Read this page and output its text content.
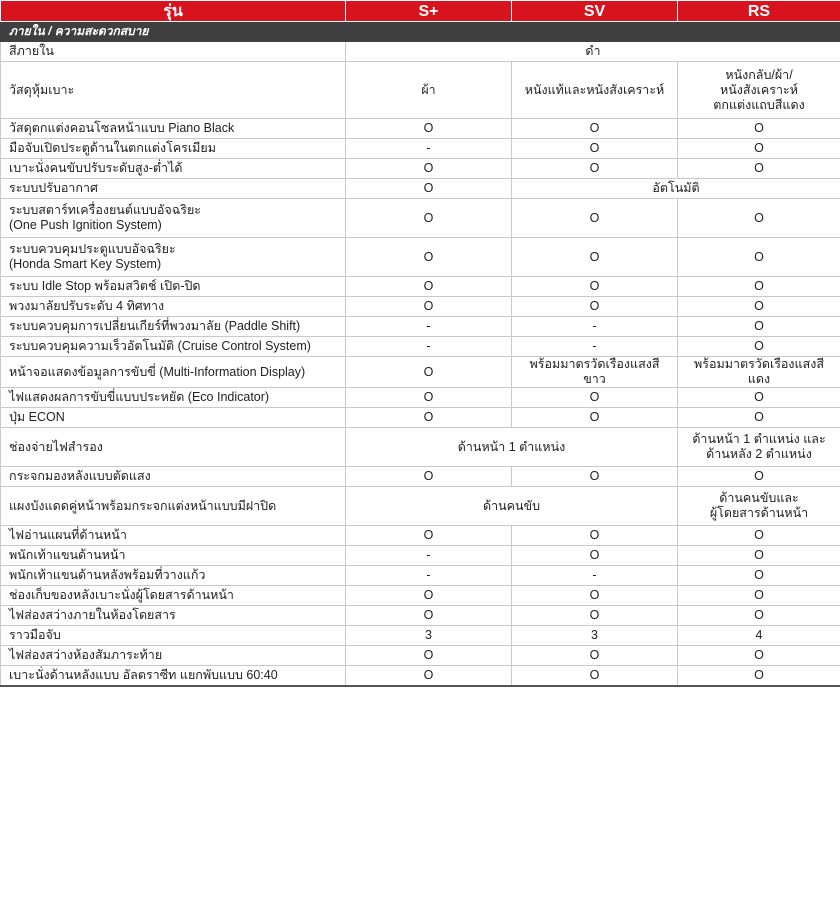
รุ่น	S+	SV	RS
ภายใน / ความสะดวกสบาย			
สีภายใน	ดำ		
วัสดุหุ้มเบาะ	ผ้า	หนังแท้และหนังสังเคราะห์	หนังกลับ/ผ้า/
หนังสังเคราะห์
ตกแต่งแถบสีแดง
วัสดุตกแต่งคอนโซลหน้าแบบ Piano Black	O	O	O
มือจับเปิดประตูด้านในตกแต่งโครเมียม	-	O	O
เบาะนั่งคนขับปรับระดับสูง-ต่ำได้	O	O	O
ระบบปรับอากาศ	O	อัตโนมัติ	
ระบบสตาร์ทเครื่องยนต์แบบอัจฉริยะ
(One Push Ignition System)	O	O	O
ระบบควบคุมประตูแบบอัจฉริยะ
(Honda Smart Key System)	O	O	O
ระบบ Idle Stop พร้อมสวิตช์ เปิด-ปิด	O	O	O
พวงมาลัยปรับระดับ 4 ทิศทาง	O	O	O
ระบบควบคุมการเปลี่ยนเกียร์ที่พวงมาลัย (Paddle Shift)	-	-	O
ระบบควบคุมความเร็วอัตโนมัติ (Cruise Control System)	-	-	O
หน้าจอแสดงข้อมูลการขับขี่ (Multi-Information Display)	O	พร้อมมาตรวัดเรืองแสงสีขาว	พร้อมมาตรวัดเรืองแสงสีแดง
ไฟแสดงผลการขับขี่แบบประหยัด (Eco Indicator)	O	O	O
ปุ่ม ECON	O	O	O
ช่องจ่ายไฟสำรอง	ด้านหน้า 1 ตำแหน่ง		ด้านหน้า 1 ตำแหน่ง และ
ด้านหลัง 2 ตำแหน่ง
กระจกมองหลังแบบตัดแสง	O	O	O
แผงบังแดดคู่หน้าพร้อมกระจกแต่งหน้าแบบมีฝาปิด	ด้านคนขับ		ด้านคนขับและ
ผู้โดยสารด้านหน้า
ไฟอ่านแผนที่ด้านหน้า	O	O	O
พนักเท้าแขนด้านหน้า	-	O	O
พนักเท้าแขนด้านหลังพร้อมที่วางแก้ว	-	-	O
ช่องเก็บของหลังเบาะนั่งผู้โดยสารด้านหน้า	O	O	O
ไฟส่องสว่างภายในห้องโดยสาร	O	O	O
ราวมือจับ	3	3	4
ไฟส่องสว่างห้องสัมภาระท้าย	O	O	O
เบาะนั่งด้านหลังแบบ อัลตราซีท แยกพับแบบ 60:40	O	O	O
